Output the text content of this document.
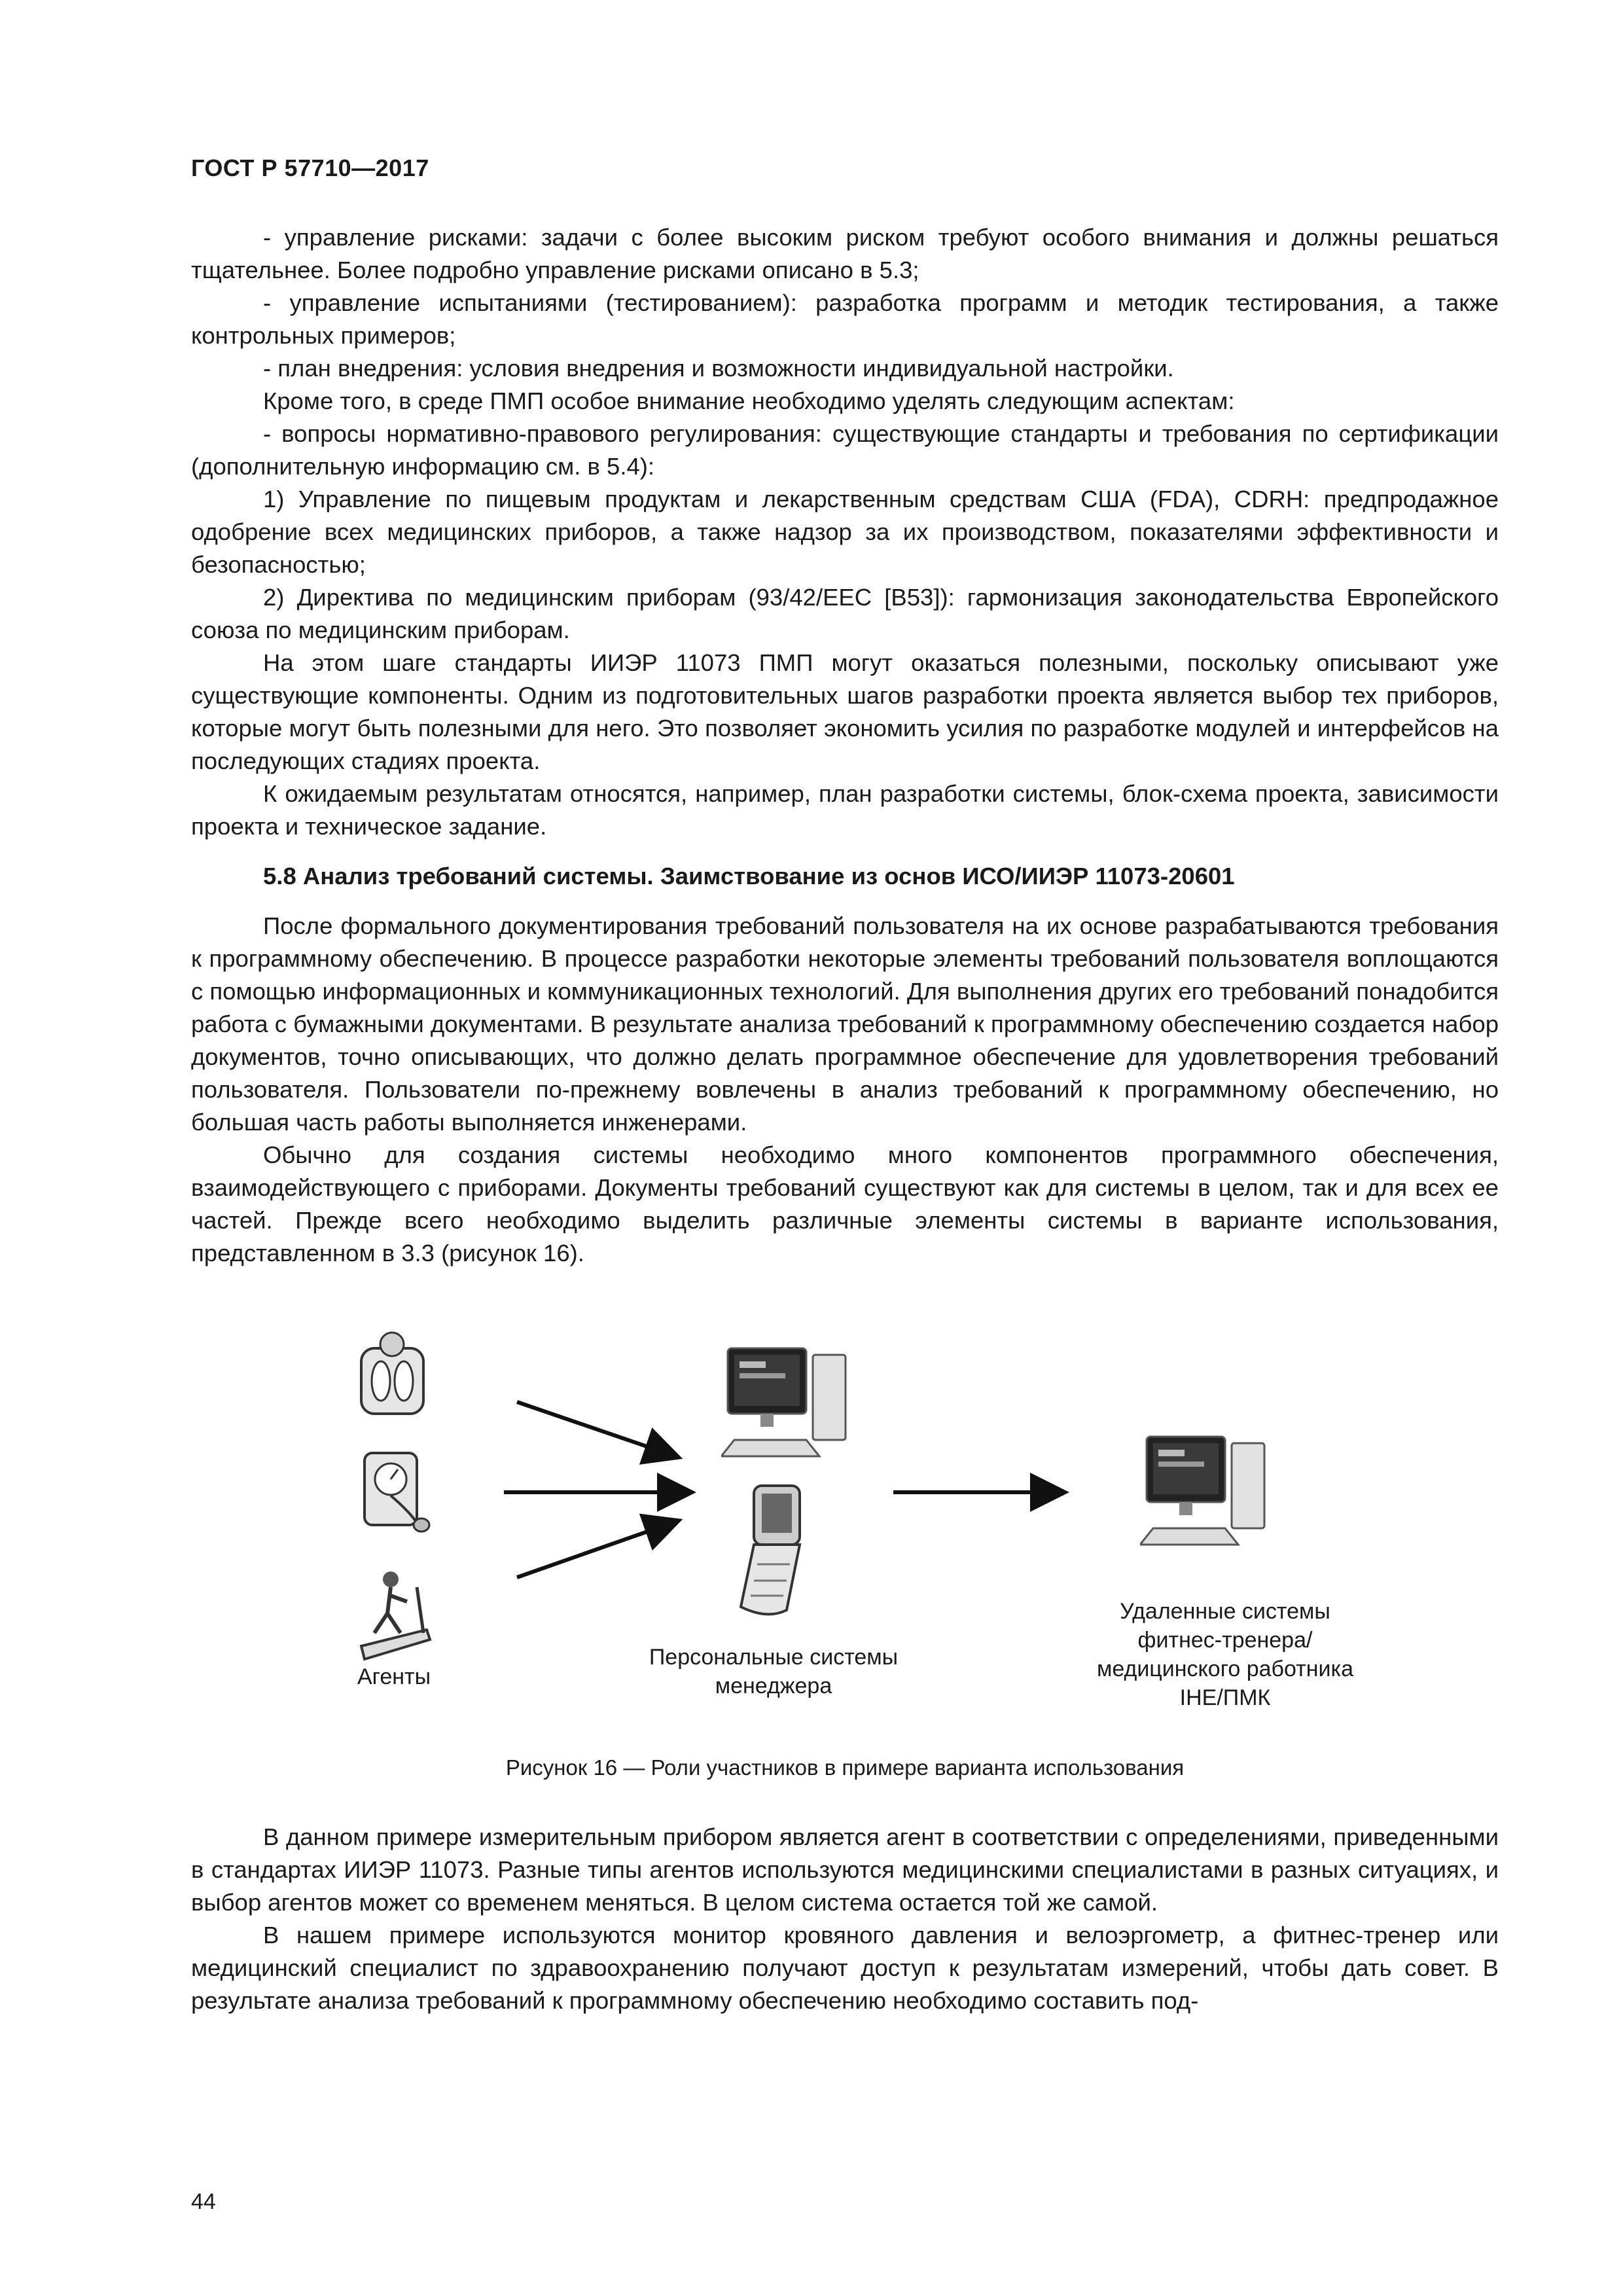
ГОСТ Р 57710—2017

- управление рисками: задачи с более высоким риском требуют особого внимания и должны решаться тщательнее. Более подробно управление рисками описано в 5.3;

- управление испытаниями (тестированием): разработка программ и методик тестирования, а также контрольных примеров;

- план внедрения: условия внедрения и возможности индивидуальной настройки.

Кроме того, в среде ПМП особое внимание необходимо уделять следующим аспектам:

- вопросы нормативно-правового регулирования: существующие стандарты и требования по сертификации (дополнительную информацию см. в 5.4):

1) Управление по пищевым продуктам и лекарственным средствам США (FDA), CDRH: предпродажное одобрение всех медицинских приборов, а также надзор за их производством, показателями эффективности и безопасностью;

2) Директива по медицинским приборам (93/42/EEC [B53]): гармонизация законодательства Европейского союза по медицинским приборам.

На этом шаге стандарты ИИЭР 11073 ПМП могут оказаться полезными, поскольку описывают уже существующие компоненты. Одним из подготовительных шагов разработки проекта является выбор тех приборов, которые могут быть полезными для него. Это позволяет экономить усилия по разработке модулей и интерфейсов на последующих стадиях проекта.

К ожидаемым результатам относятся, например, план разработки системы, блок-схема проекта, зависимости проекта и техническое задание.

5.8 Анализ требований системы. Заимствование из основ ИСО/ИИЭР 11073-20601

После формального документирования требований пользователя на их основе разрабатываются требования к программному обеспечению. В процессе разработки некоторые элементы требований пользователя воплощаются с помощью информационных и коммуникационных технологий. Для выполнения других его требований понадобится работа с бумажными документами. В результате анализа требований к программному обеспечению создается набор документов, точно описывающих, что должно делать программное обеспечение для удовлетворения требований пользователя. Пользователи по-прежнему вовлечены в анализ требований к программному обеспечению, но большая часть работы выполняется инженерами.

Обычно для создания системы необходимо много компонентов программного обеспечения, взаимодействующего с приборами. Документы требований существуют как для системы в целом, так и для всех ее частей. Прежде всего необходимо выделить различные элементы системы в варианте использования, представленном в 3.3 (рисунок 16).

Агенты
Персональные системы
менеджера
Удаленные системы
фитнес-тренера/
медицинского работника
IHE/ПМК
Рисунок 16 — Роли участников в примере варианта использования

В данном примере измерительным прибором является агент в соответствии с определениями, приведенными в стандартах ИИЭР 11073. Разные типы агентов используются медицинскими специалистами в разных ситуациях, и выбор агентов может со временем меняться. В целом система остается той же самой.

В нашем примере используются монитор кровяного давления и велоэргометр, а фитнес-тренер или медицинский специалист по здравоохранению получают доступ к результатам измерений, чтобы дать совет. В результате анализа требований к программному обеспечению необходимо составить под-

44
